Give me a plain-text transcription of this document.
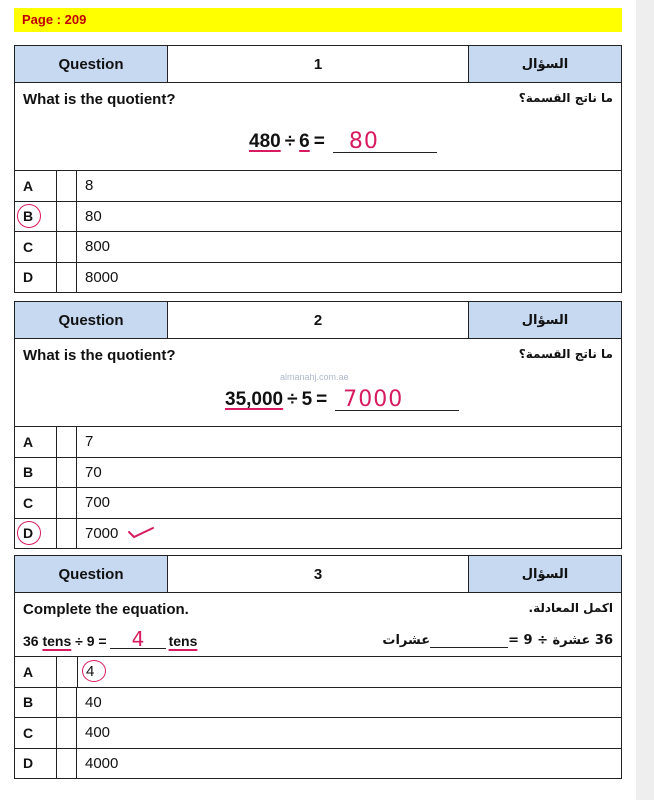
Page : 209
Question	1	السؤال
What is the quotient?	ما ناتج القسمة؟
480 ÷ 6 = 80
A	8
B	80
C	800
D	8000
Question	2	السؤال
What is the quotient?	ما ناتج القسمة؟
35,000 ÷ 5 = 7000
A	7
B	70
C	700
D	7000
almanahj.com.ae
Question	3	السؤال
Complete the equation.	اكمل المعادلة.
36 tens ÷ 9 = 4 tens	36 عشرة ÷ 9 =عشرات
A	4
B	40
C	400
D	4000
